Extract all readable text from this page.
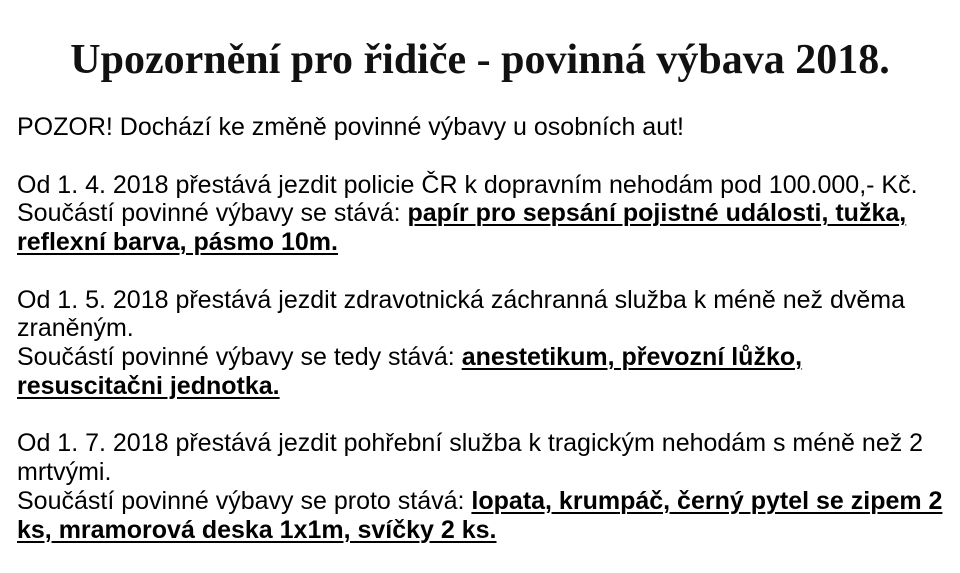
Upozornění pro řidiče - povinná výbava 2018.

POZOR! Dochází ke změně povinné výbavy u osobních aut!

Od 1. 4. 2018 přestává jezdit policie ČR k dopravním nehodám pod 100.000,- Kč.
Součástí povinné výbavy se stává: papír pro sepsání pojistné události, tužka,
reflexní barva, pásmo 10m.

Od 1. 5. 2018 přestává jezdit zdravotnická záchranná služba k méně než dvěma
zraněným.
Součástí povinné výbavy se tedy stává: anestetikum, převozní lůžko,
resuscitačni jednotka.

Od 1. 7. 2018 přestává jezdit pohřební služba k tragickým nehodám s méně než 2
mrtvými.
Součástí povinné výbavy se proto stává: lopata, krumpáč, černý pytel se zipem 2
ks, mramorová deska 1x1m, svíčky 2 ks.
